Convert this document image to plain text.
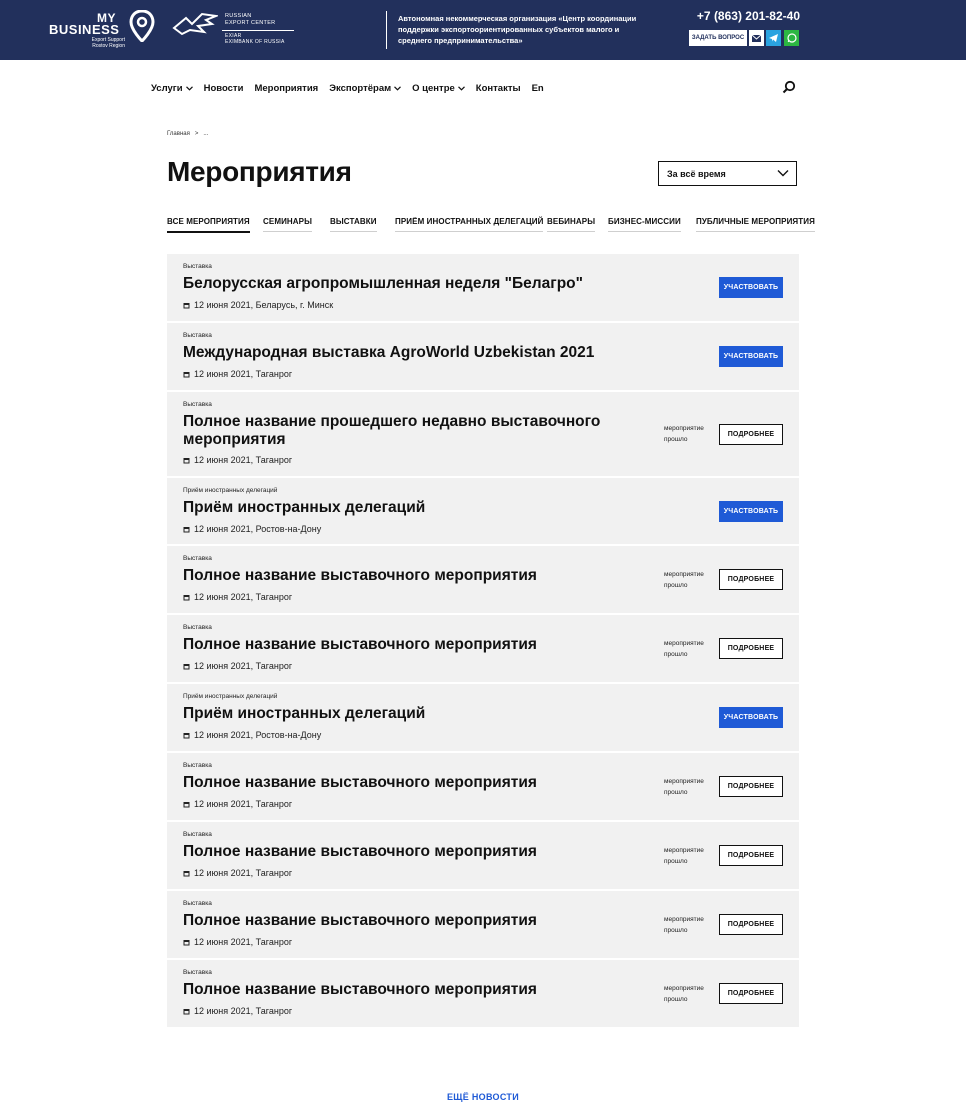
MY
BUSINESS
Export Support Rostov Region
RUSSIAN
EXPORT CENTER
EXIAR
EXIMBANK OF RUSSIA
Автономная некоммерческая организация «Центр координации поддержки экспортоориентированных субъектов малого и среднего предпринимательства»
+7 (863) 201-82-40
ЗАДАТЬ ВОПРОС
Услуги Новости Мероприятия Экспортёрам О центре Контакты En
Главная > ...
Мероприятия	За всё время
ВСЕ МЕРОПРИЯТИЯ СЕМИНАРЫ ВЫСТАВКИ ПРИЁМ ИНОСТРАННЫХ ДЕЛЕГАЦИЙ ВЕБИНАРЫ БИЗНЕС-МИССИИ ПУБЛИЧНЫЕ МЕРОПРИЯТИЯ
Выставка
Белорусская агропромышленная неделя "Белагро"
12 июня 2021, Беларусь, г. Минск
УЧАСТВОВАТЬ
Выставка
Международная выставка AgroWorld Uzbekistan 2021
12 июня 2021, Таганрог
УЧАСТВОВАТЬ
Выставка
Полное название прошедшего недавно выставочного мероприятия
12 июня 2021, Таганрог
мероприятие
прошло
ПОДРОБНЕЕ
Приём иностранных делегаций
Приём иностранных делегаций
12 июня 2021, Ростов-на-Дону
УЧАСТВОВАТЬ
Выставка
Полное название выставочного мероприятия
12 июня 2021, Таганрог
мероприятие
прошло
ПОДРОБНЕЕ
Выставка
Полное название выставочного мероприятия
12 июня 2021, Таганрог
мероприятие
прошло
ПОДРОБНЕЕ
Приём иностранных делегаций
Приём иностранных делегаций
12 июня 2021, Ростов-на-Дону
УЧАСТВОВАТЬ
Выставка
Полное название выставочного мероприятия
12 июня 2021, Таганрог
мероприятие
прошло
ПОДРОБНЕЕ
Выставка
Полное название выставочного мероприятия
12 июня 2021, Таганрог
мероприятие
прошло
ПОДРОБНЕЕ
Выставка
Полное название выставочного мероприятия
12 июня 2021, Таганрог
мероприятие
прошло
ПОДРОБНЕЕ
Выставка
Полное название выставочного мероприятия
12 июня 2021, Таганрог
мероприятие
прошло
ПОДРОБНЕЕ
ЕЩЁ НОВОСТИ
